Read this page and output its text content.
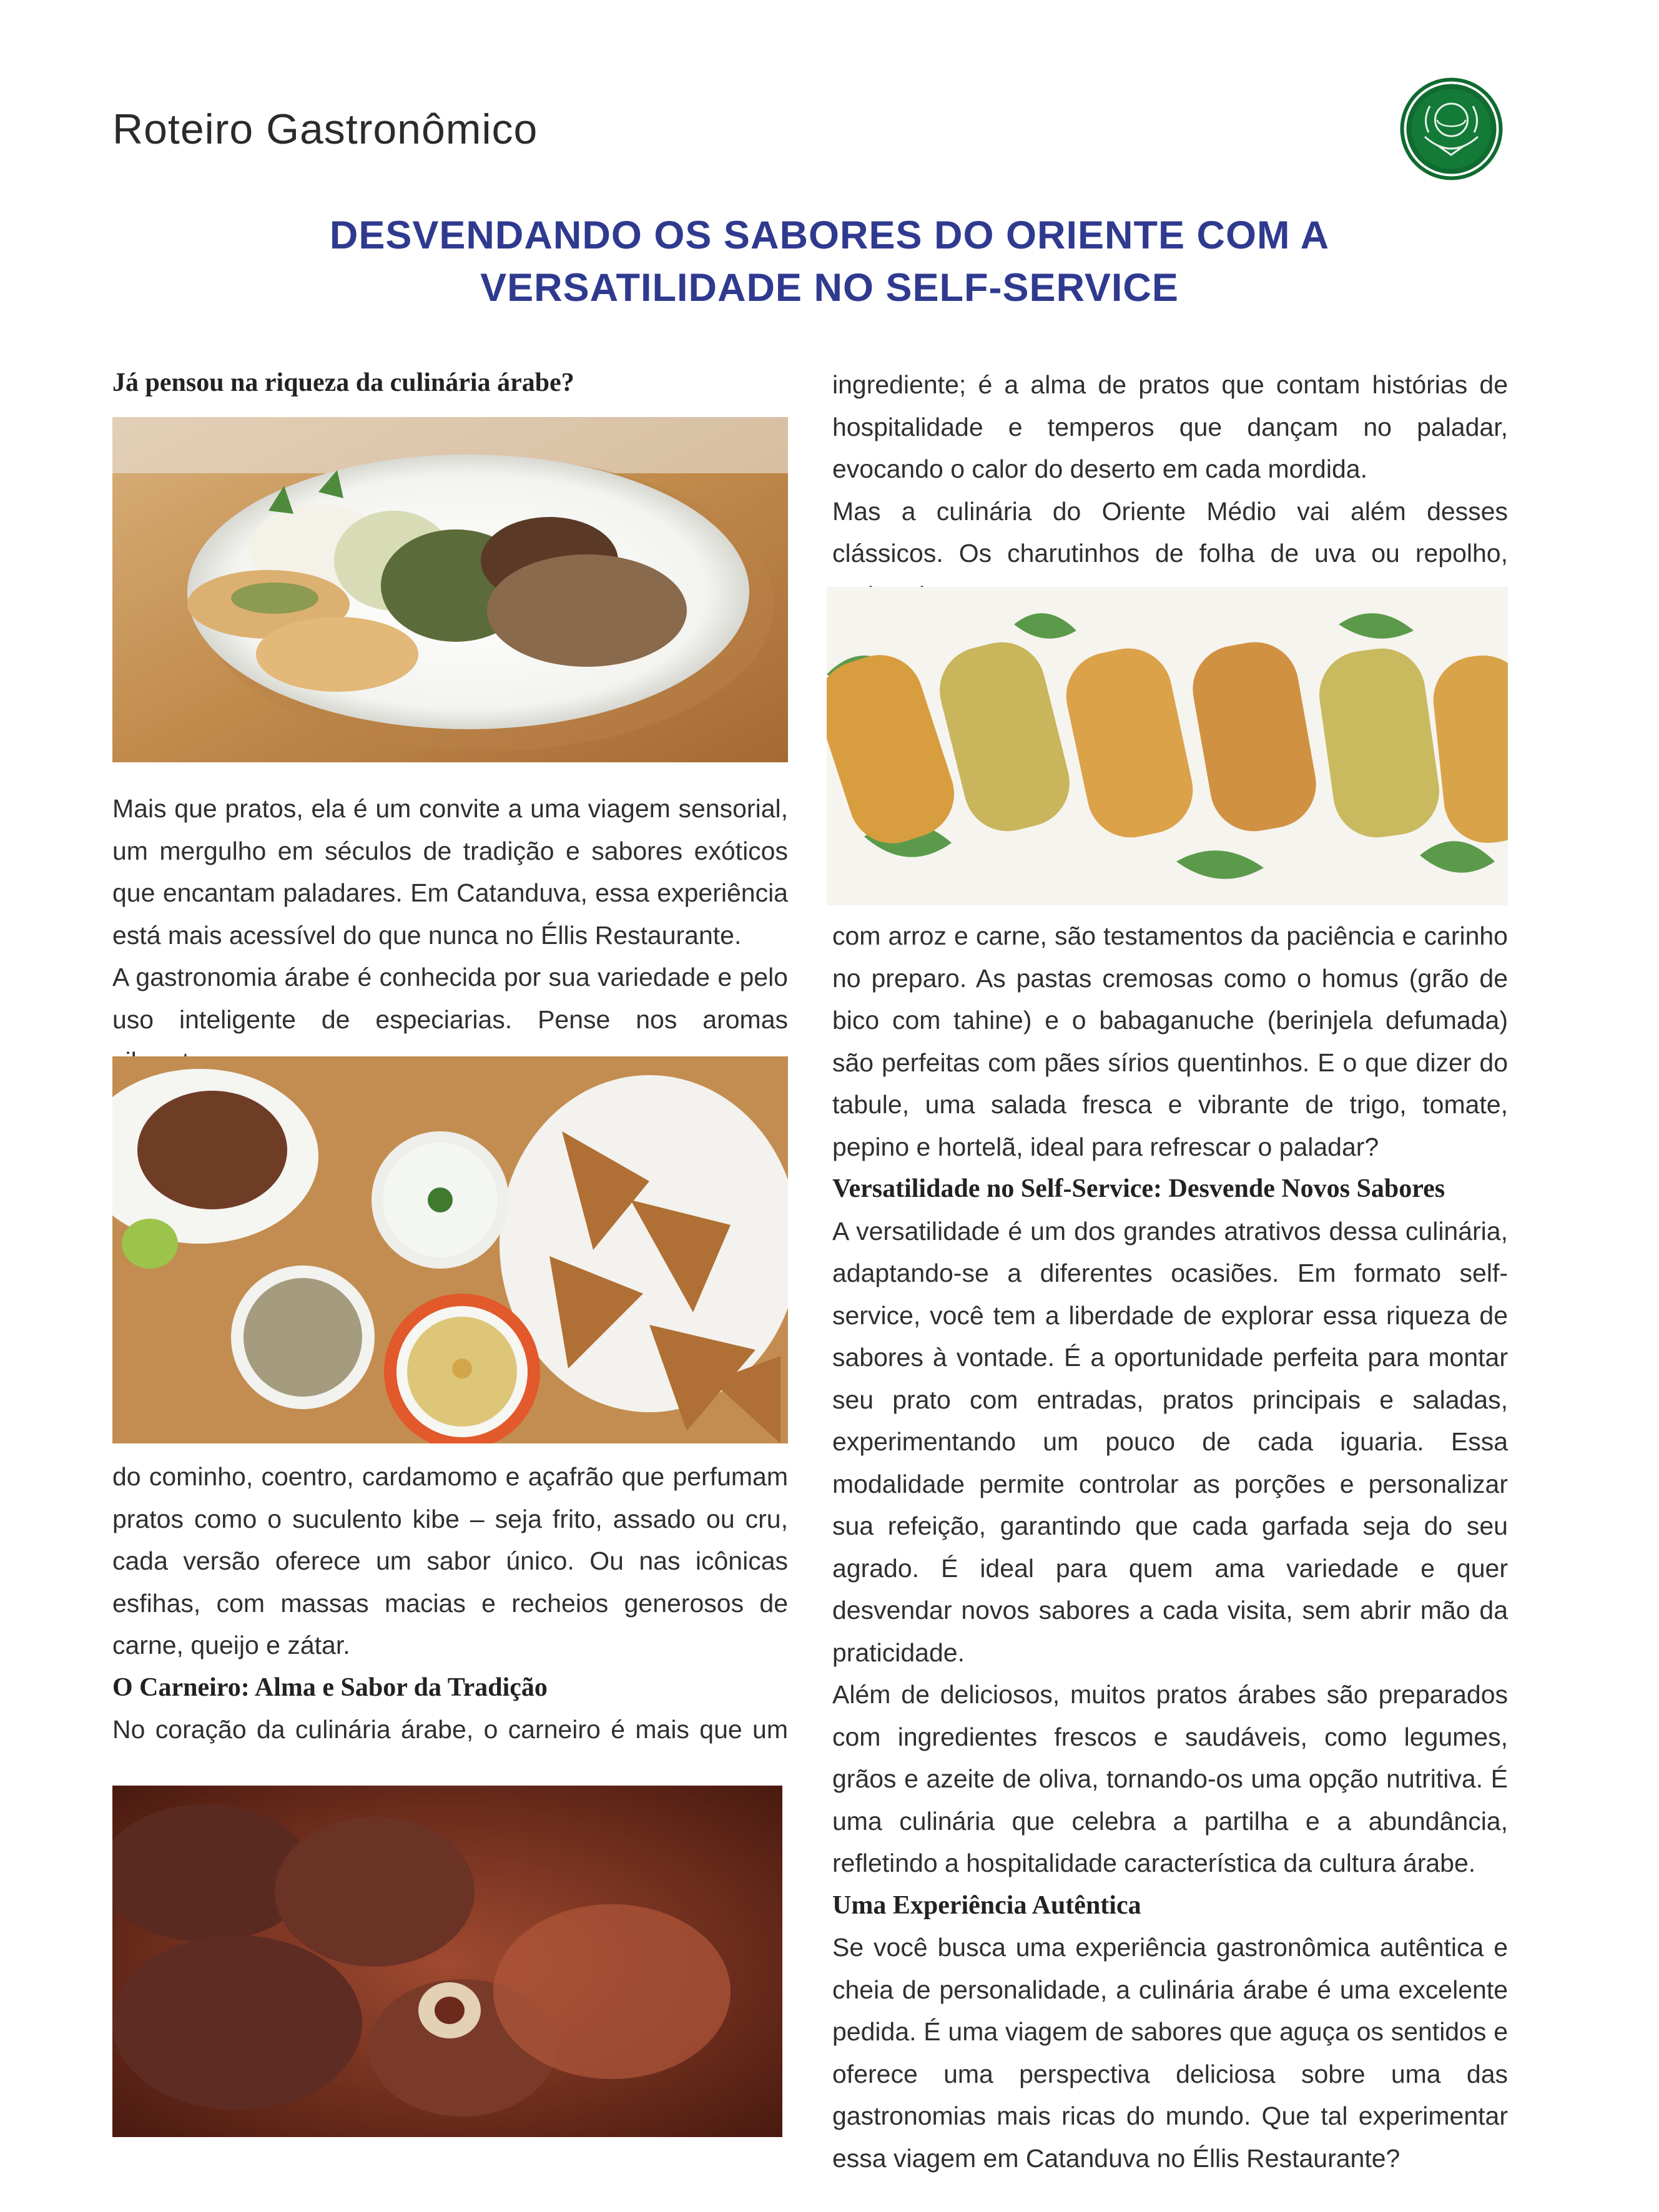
Roteiro Gastronômico
DESVENDANDO OS SABORES DO ORIENTE COM A
VERSATILIDADE NO SELF-SERVICE
Já pensou na riqueza da culinária árabe?

Mais que pratos, ela é um convite a uma viagem sensorial, um mergulho em séculos de tradição e sabores exóticos que encantam paladares. Em Catanduva, essa experiência está mais acessível do que nunca no Éllis Restaurante.

A gastronomia árabe é conhecida por sua variedade e pelo uso inteligente de especiarias. Pense nos aromas

do cominho, coentro, cardamomo e açafrão que perfumam pratos como o suculento kibe – seja frito, assado ou cru, cada versão oferece um sabor único. Ou nas icônicas esfihas, com massas macias e recheios generosos de carne, queijo e zátar.

O Carneiro: Alma e Sabor da Tradição

No coração da culinária árabe, o carneiro é mais que um

ingrediente; é a alma de pratos que contam histórias de hospitalidade e temperos que dançam no paladar, evocando o calor do deserto em cada mordida.

Mas a culinária do Oriente Médio vai além desses clássicos. Os charutinhos de folha de uva ou repolho,

com arroz e carne, são testamentos da paciência e carinho no preparo. As pastas cremosas como o homus (grão de bico com tahine) e o babaganuche (berinjela defumada) são perfeitas com pães sírios quentinhos. E o que dizer do tabule, uma salada fresca e vibrante de trigo, tomate, pepino e hortelã, ideal para refrescar o paladar?

Versatilidade no Self-Service: Desvende Novos Sabores

A versatilidade é um dos grandes atrativos dessa culinária, adaptando-se a diferentes ocasiões. Em formato self-service, você tem a liberdade de explorar essa riqueza de sabores à vontade. É a oportunidade perfeita para montar seu prato com entradas, pratos principais e saladas, experimentando um pouco de cada iguaria. Essa modalidade permite controlar as porções e personalizar sua refeição, garantindo que cada garfada seja do seu agrado. É ideal para quem ama variedade e quer desvendar novos sabores a cada visita, sem abrir mão da praticidade.

Além de deliciosos, muitos pratos árabes são preparados com ingredientes frescos e saudáveis, como legumes, grãos e azeite de oliva, tornando-os uma opção nutritiva. É uma culinária que celebra a partilha e a abundância, refletindo a hospitalidade característica da cultura árabe.

Uma Experiência Autêntica

Se você busca uma experiência gastronômica autêntica e cheia de personalidade, a culinária árabe é uma excelente pedida. É uma viagem de sabores que aguça os sentidos e oferece uma perspectiva deliciosa sobre uma das gastronomias mais ricas do mundo. Que tal experimentar essa viagem em Catanduva no Éllis Restaurante?
